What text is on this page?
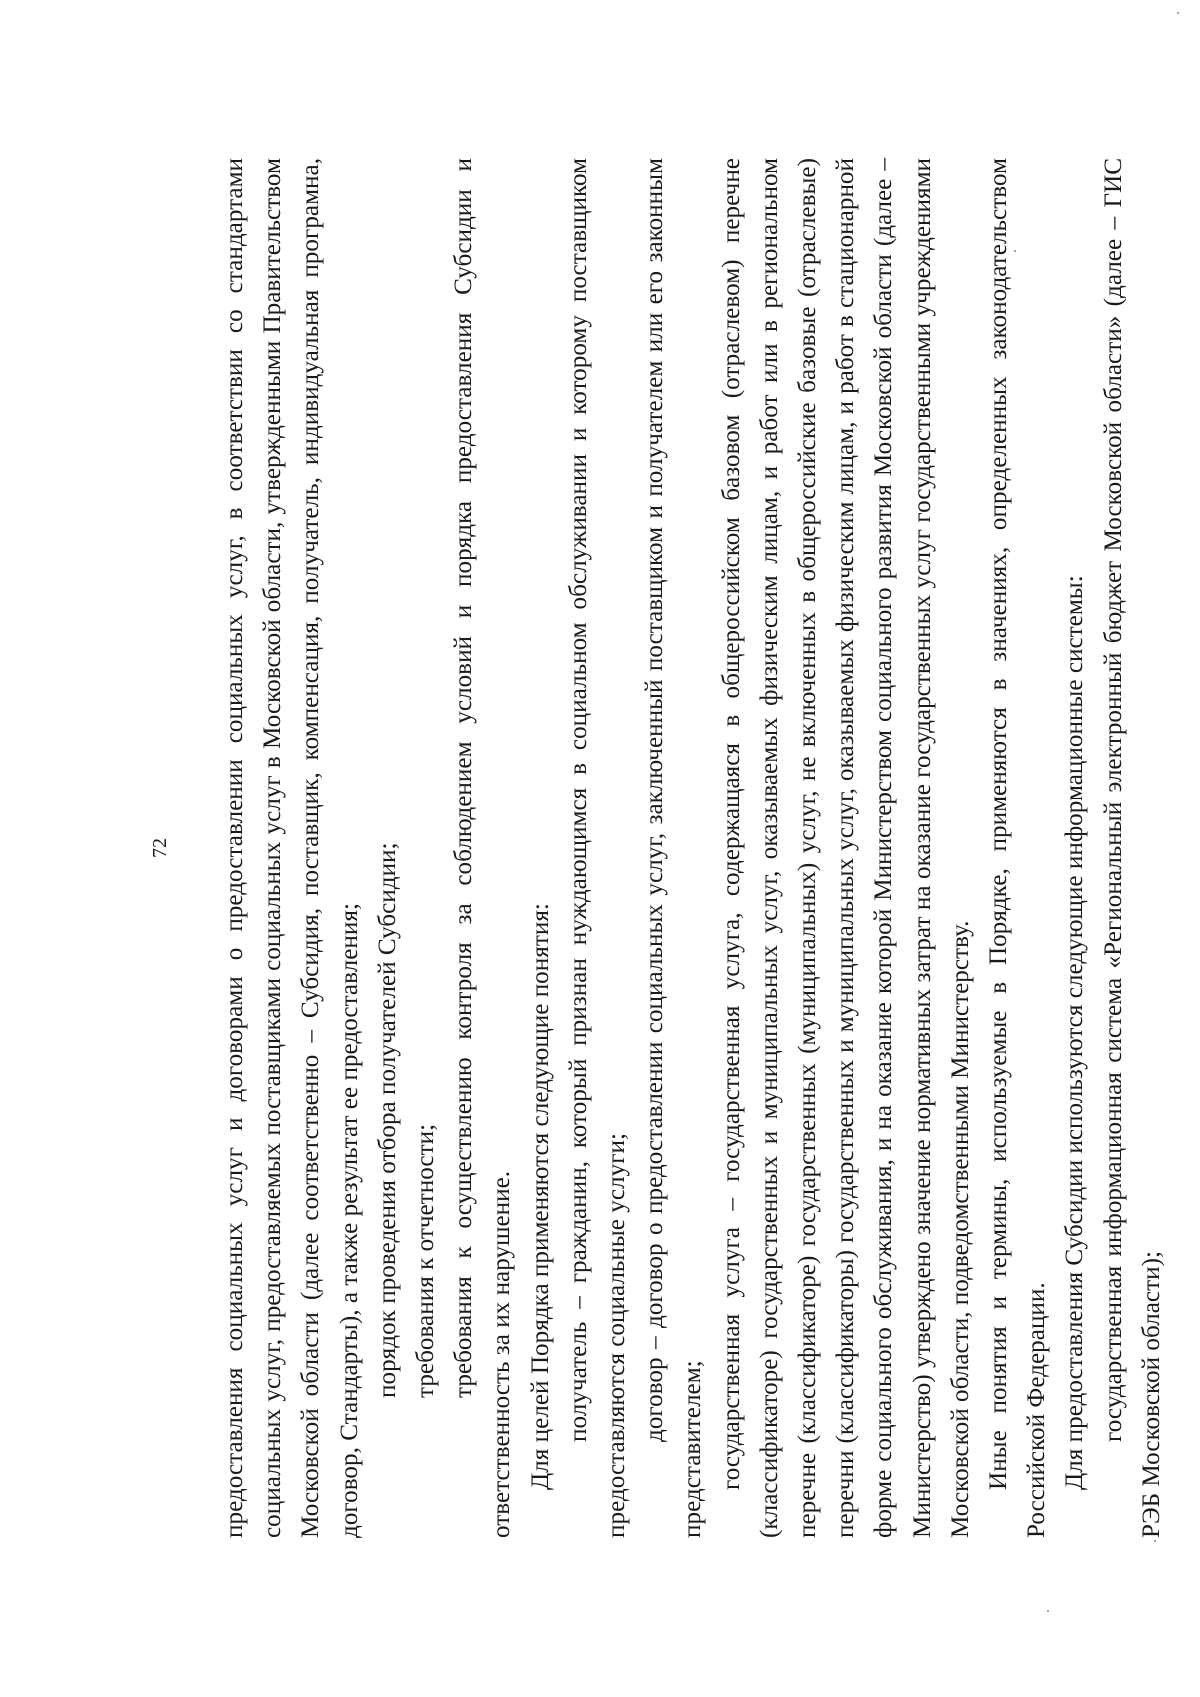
72 предоставления социальных услуг и договорами о предоставлении социальных услуг, в соответствии со стандартами социальных услуг, предоставляемых поставщиками социальных услуг в Московской области, утвержденными Правительством Московской области (далее соответственно – Субсидия, поставщик, компенсация, получатель, индивидуальная програмна, договор, Стандарты), а также результат ее предоставления; порядок проведения отбора получателей Субсидии; требования к отчетности; требования к осуществлению контроля за соблюдением условий и порядка предоставления Субсидии и ответственность за их нарушение. Для целей Порядка применяются следующие понятия: получатель – гражданин, который признан нуждающимся в социальном обслуживании и которому поставщиком предоставляются социальные услуги; договор – договор о предоставлении социальных услуг, заключенный поставщиком и получателем или его законным представителем; государственная услуга – государственная услуга, содержащаяся в общероссийском базовом (отраслевом) перечне (классификаторе) государственных и муниципальных услуг, оказываемых физическим лицам, и работ или в региональном перечне (классификаторе) государственных (муниципальных) услуг, не включенных в общероссийские базовые (отраслевые) перечни (классификаторы) государственных и муниципальных услуг, оказываемых физическим лицам, и работ в стационарной форме социального обслуживания, и на оказание которой Министерством социального развития Московской области (далее – Министерство) утверждено значение нормативных затрат на оказание государственных услуг государственными учреждениями Московской области, подведомственными Министерству. Иные понятия и термины, используемые в Порядке, применяются в значениях, определенных законодательством Российской Федерации. Для предоставления Субсидии используются следующие информационные системы: государственная информационная система «Региональный электронный бюджет Московской области» (далее – ГИС РЭБ Московской области);
